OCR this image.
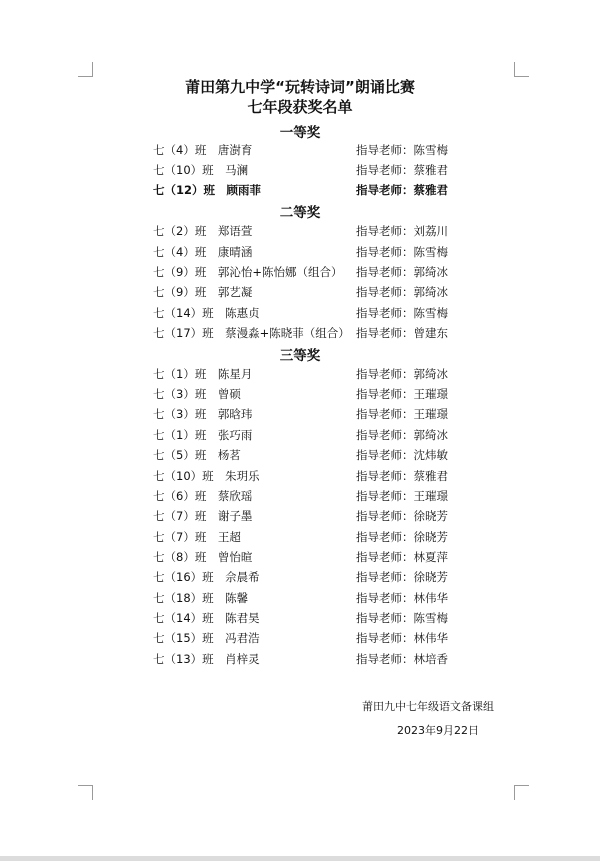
莆田第九中学“玩转诗词”朗诵比赛
七年段获奖名单
一等奖
七（4）班　唐澍育	指导老师：陈雪梅
七（10）班　马澜	指导老师：蔡雅君
七（12）班　顾雨菲	指导老师：蔡雅君
二等奖
七（2）班　郑语萱	指导老师：刘荔川
七（4）班　康晴涵	指导老师：陈雪梅
七（9）班　郭沁怡+陈怡娜（组合） 指导老师：郭绮冰
七（9）班　郭艺凝	指导老师：郭绮冰
七（14）班　陈惠贞	指导老师：陈雪梅
七（17）班　蔡漫淼+陈晓菲（组合） 指导老师：曾建东
三等奖
七（1）班　陈星月	指导老师：郭绮冰
七（3）班　曾硕	指导老师：王璀璟
七（3）班　郭晗玮	指导老师：王璀璟
七（1）班　张巧雨	指导老师：郭绮冰
七（5）班　杨茗	指导老师：沈炜敏
七（10）班　朱玥乐	指导老师：蔡雅君
七（6）班　蔡欣瑶	指导老师：王璀璟
七（7）班　谢子墨	指导老师：徐晓芳
七（7）班　王超	指导老师：徐晓芳
七（8）班　曾怡暄	指导老师：林夏萍
七（16）班　佘晨希	指导老师：徐晓芳
七（18）班　陈馨	指导老师：林伟华
七（14）班　陈君昊	指导老师：陈雪梅
七（15）班　冯君浩	指导老师：林伟华
七（13）班　肖梓灵	指导老师：林培香
莆田九中七年级语文备课组
2023年9月22日
